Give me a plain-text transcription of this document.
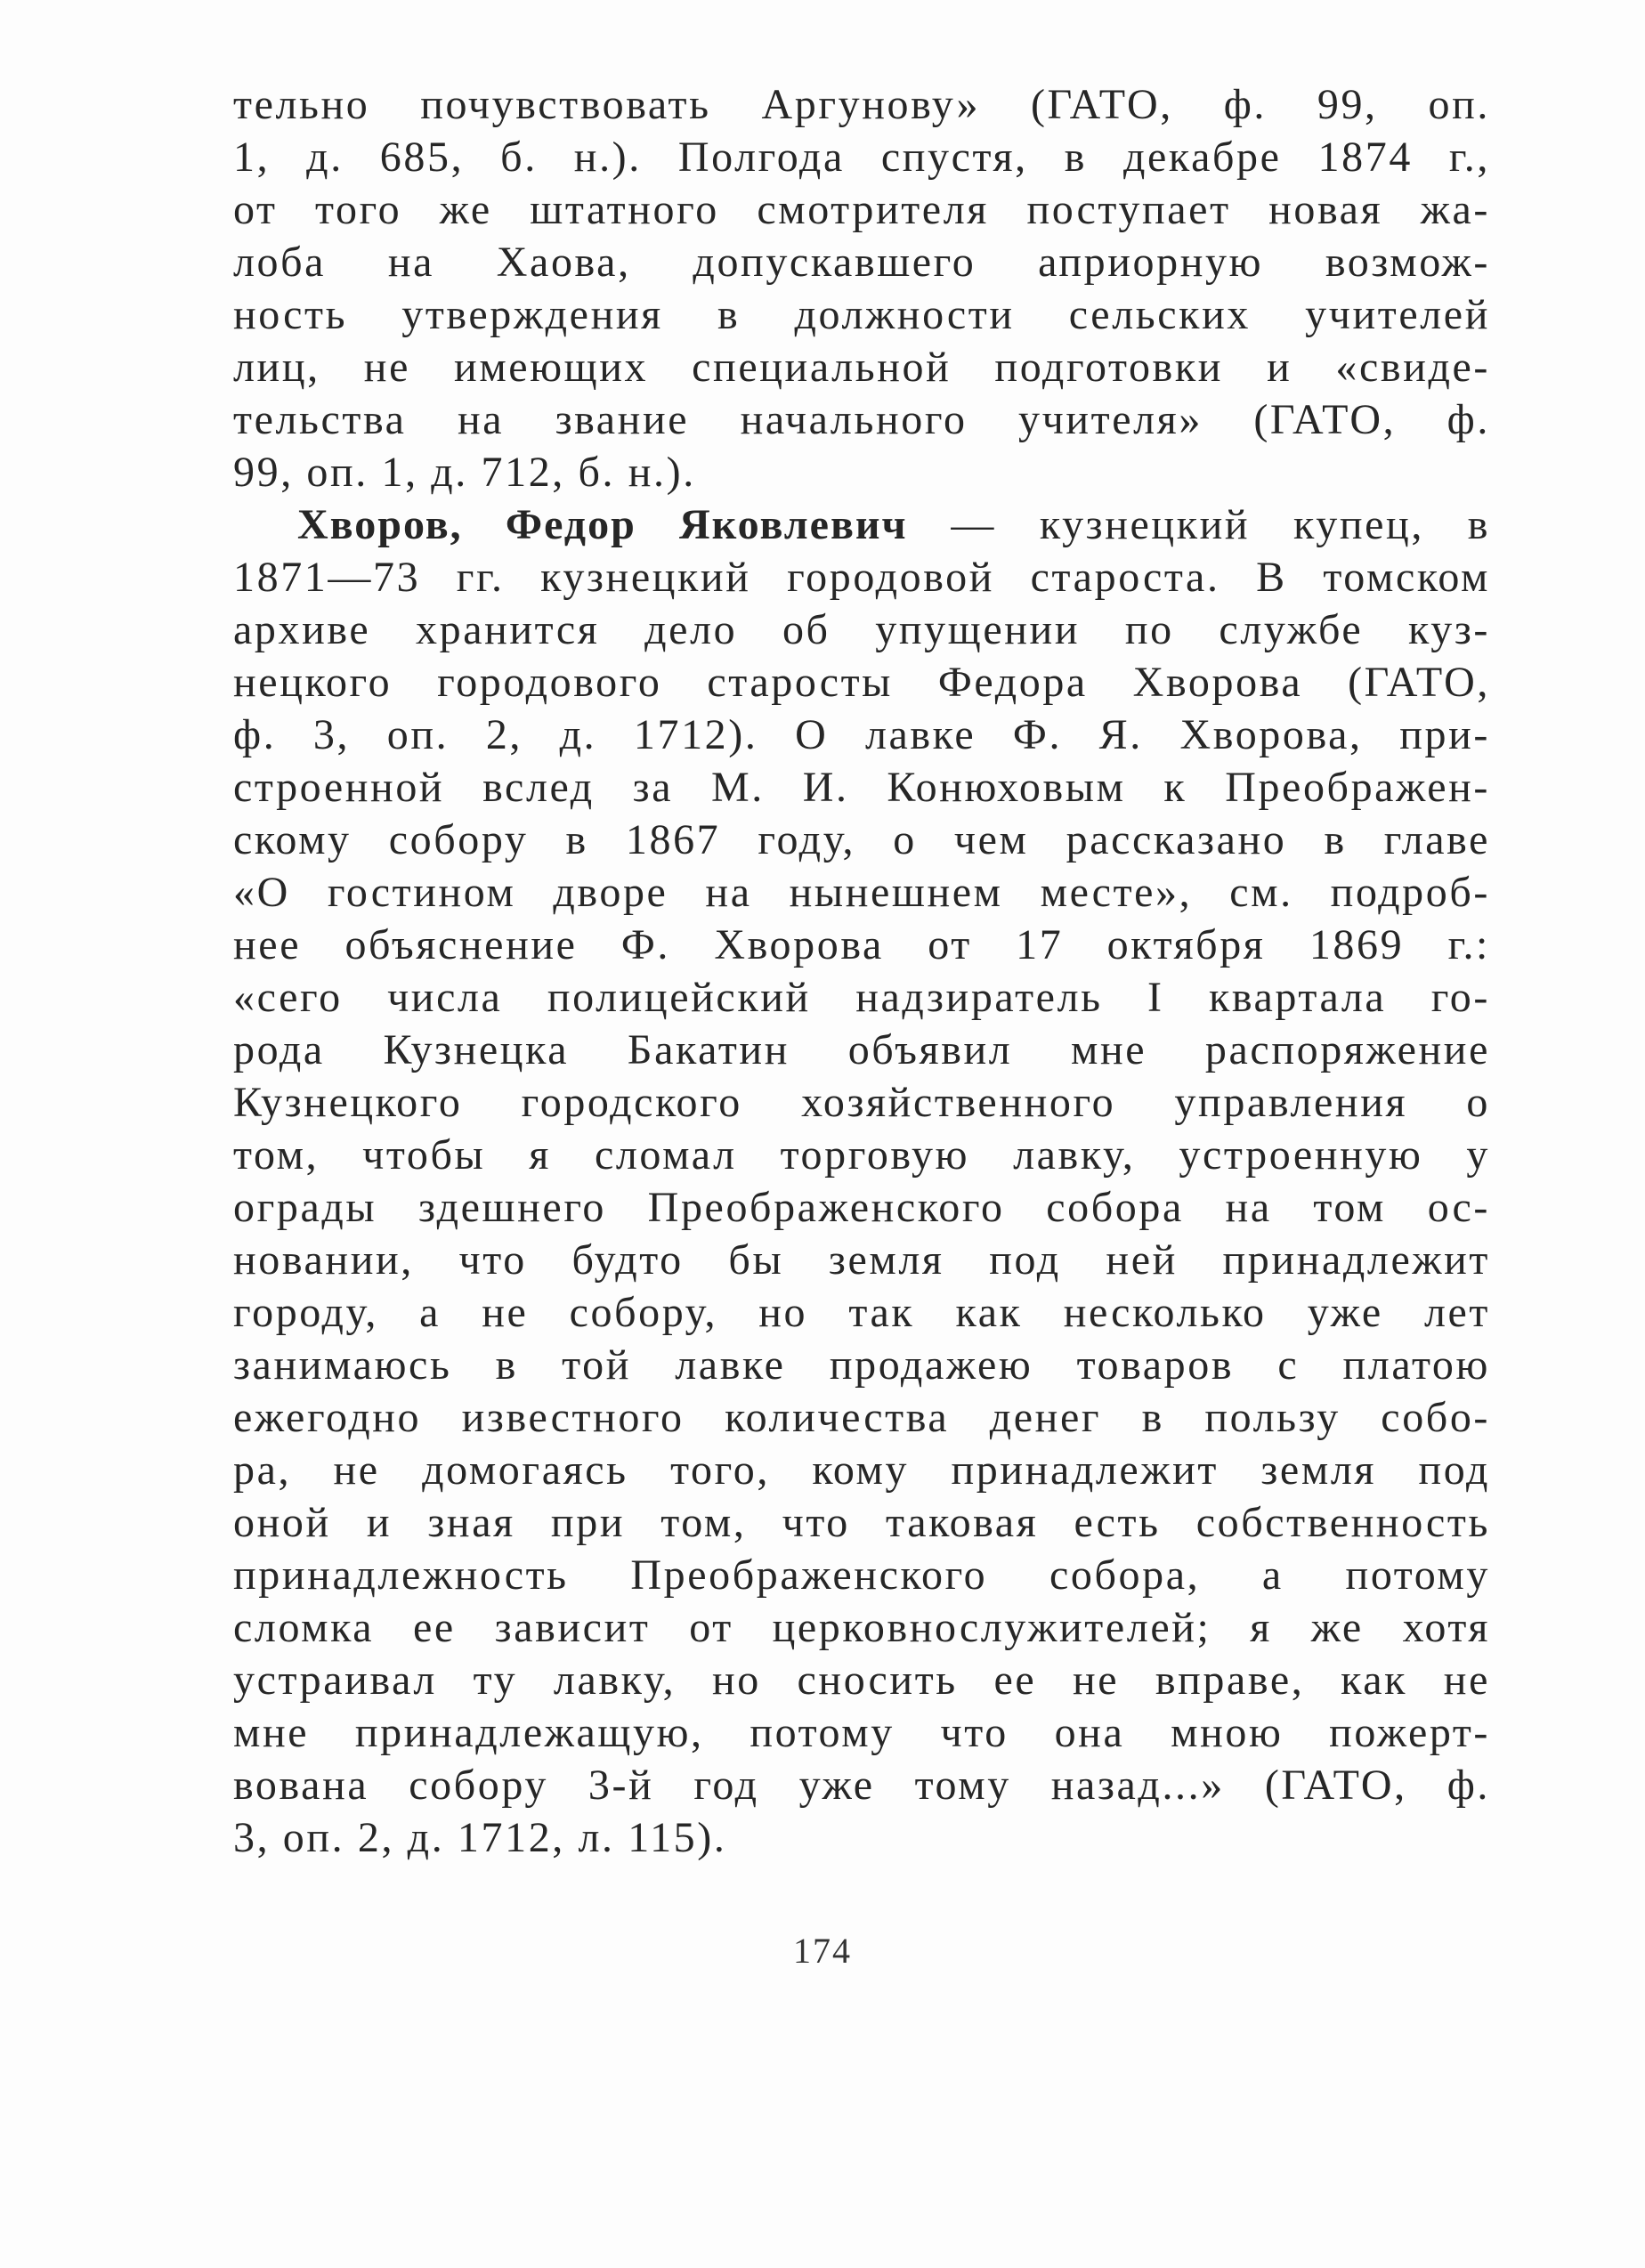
тельно почувствовать Аргунову» (ГАТО, ф. 99, оп.
1, д. 685, б. н.). Полгода спустя, в декабре 1874 г.,
от того же штатного смотрителя поступает новая жа-
лоба на Хаова, допускавшего априорную возмож-
ность утверждения в должности сельских учителей
лиц, не имеющих специальной подготовки и «свиде-
тельства на звание начального учителя» (ГАТО, ф.
99, оп. 1, д. 712, б. н.).
Хворов, Федор Яковлевич — кузнецкий купец, в
1871—73 гг. кузнецкий городовой староста. В томском
архиве хранится дело об упущении по службе куз-
нецкого городового старосты Федора Хворова (ГАТО,
ф. 3, оп. 2, д. 1712). О лавке Ф. Я. Хворова, при-
строенной вслед за М. И. Конюховым к Преображен-
скому собору в 1867 году, о чем рассказано в главе
«О гостином дворе на нынешнем месте», см. подроб-
нее объяснение Ф. Хворова от 17 октября 1869 г.:
«сего числа полицейский надзиратель I квартала го-
рода Кузнецка Бакатин объявил мне распоряжение
Кузнецкого городского хозяйственного управления о
том, чтобы я сломал торговую лавку, устроенную у
ограды здешнего Преображенского собора на том ос-
новании, что будто бы земля под ней принадлежит
городу, а не собору, но так как несколько уже лет
занимаюсь в той лавке продажею товаров с платою
ежегодно известного количества денег в пользу собо-
ра, не домогаясь того, кому принадлежит земля под
оной и зная при том, что таковая есть собственность
принадлежность Преображенского собора, а потому
сломка ее зависит от церковнослужителей; я же хотя
устраивал ту лавку, но сносить ее не вправе, как не
мне принадлежащую, потому что она мною пожерт-
вована собору 3-й год уже тому назад...» (ГАТО, ф.
3, оп. 2, д. 1712, л. 115).
174
